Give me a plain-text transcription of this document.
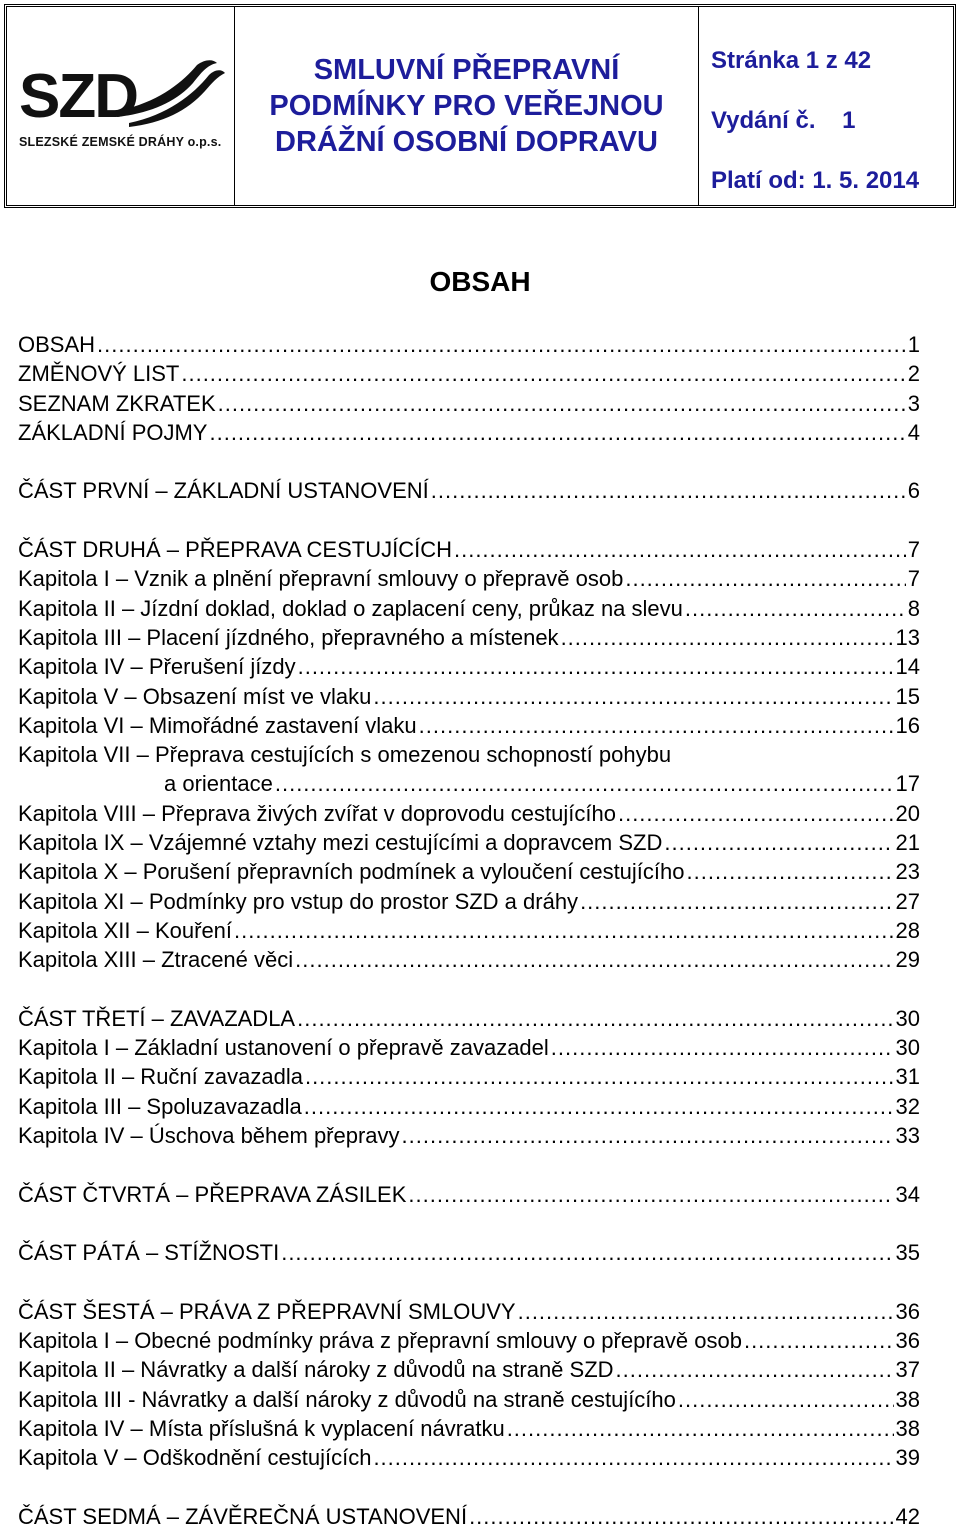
SZD
SLEZSKÉ ZEMSKÉ DRÁHY o.p.s.
SMLUVNÍ PŘEPRAVNÍ
PODMÍNKY PRO VEŘEJNOU
DRÁŽNÍ OSOBNÍ DOPRAVU
Stránka 1 z 42
Vydání č. 1
Platí od: 1. 5. 2014
OBSAH
OBSAH .....	1
ZMĚNOVÝ LIST .....	2
SEZNAM ZKRATEK .....	3
ZÁKLADNÍ POJMY .....	4
ČÁST PRVNÍ – ZÁKLADNÍ USTANOVENÍ .....	6
ČÁST DRUHÁ – PŘEPRAVA CESTUJÍCÍCH .....	7
Kapitola I – Vznik a plnění přepravní smlouvy o přepravě osob .....	7
Kapitola II – Jízdní doklad, doklad o zaplacení ceny, průkaz na slevu .....	8
Kapitola III – Placení jízdného, přepravného a místenek .....	13
Kapitola IV – Přerušení jízdy .....	14
Kapitola V – Obsazení míst ve vlaku .....	15
Kapitola VI – Mimořádné zastavení vlaku .....	16
Kapitola VII – Přeprava cestujících s omezenou schopností pohybu
a orientace .....	17
Kapitola VIII – Přeprava živých zvířat v doprovodu cestujícího .....	20
Kapitola IX – Vzájemné vztahy mezi cestujícími a dopravcem SZD .....	21
Kapitola X – Porušení přepravních podmínek a vyloučení cestujícího .....	23
Kapitola XI – Podmínky pro vstup do prostor SZD a dráhy .....	27
Kapitola XII – Kouření .....	28
Kapitola XIII – Ztracené věci .....	29
ČÁST TŘETÍ – ZAVAZADLA .....	30
Kapitola I – Základní ustanovení o přepravě zavazadel .....	30
Kapitola II – Ruční zavazadla .....	31
Kapitola III – Spoluzavazadla .....	32
Kapitola IV – Úschova během přepravy .....	33
ČÁST ČTVRTÁ – PŘEPRAVA ZÁSILEK .....	34
ČÁST PÁTÁ – STÍŽNOSTI .....	35
ČÁST ŠESTÁ – PRÁVA Z PŘEPRAVNÍ SMLOUVY .....	36
Kapitola I – Obecné podmínky práva z přepravní smlouvy o přepravě osob .....	36
Kapitola II – Návratky a další nároky z důvodů na straně SZD .....	37
Kapitola III - Návratky a další nároky z důvodů na straně cestujícího .....	38
Kapitola IV – Místa příslušná k vyplacení návratku .....	38
Kapitola V – Odškodnění cestujících .....	39
ČÁST SEDMÁ – ZÁVĚREČNÁ USTANOVENÍ .....	42
